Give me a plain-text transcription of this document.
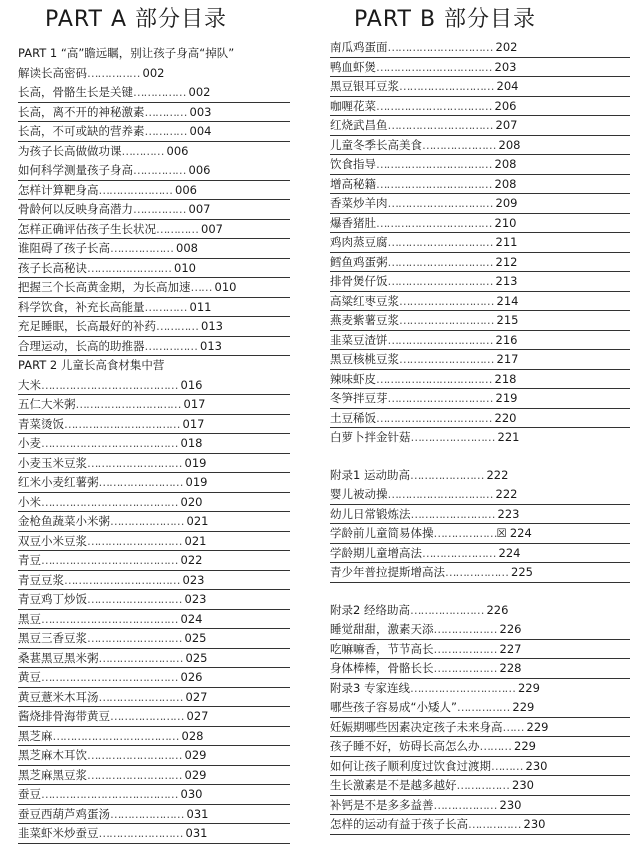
PART A 部分目录
PART 1 “高”瞻远瞩，别让孩子身高“掉队”
解读长高密码…………… 002
长高，骨骼生长是关键…………… 002
长高，离不开的神秘激素………… 003
长高，不可或缺的营养素………… 004
为孩子长高做做功课………… 006
如何科学测量孩子身高…………… 006
怎样计算靶身高………………… 006
骨龄何以反映身高潜力…………… 007
怎样正确评估孩子生长状况………… 007
谁阻碍了孩子长高……………… 008
孩子长高秘诀…………………… 010
把握三个长高黄金期，为长高加速…… 010
科学饮食，补充长高能量………… 011
充足睡眠，长高最好的补药………… 013
合理运动，长高的助推器…………… 013
PART 2 儿童长高食材集中营
大米………………………………… 016
五仁大米粥………………………… 017
青菜烫饭…………………………… 017
小麦………………………………… 018
小麦玉米豆浆……………………… 019
红米小麦红薯粥…………………… 019
小米………………………………… 020
金枪鱼蔬菜小米粥………………… 021
双豆小米豆浆……………………… 021
青豆………………………………… 022
青豆豆浆…………………………… 023
青豆鸡丁炒饭……………………… 023
黑豆………………………………… 024
黑豆三香豆浆……………………… 025
桑葚黑豆黑米粥…………………… 025
黄豆………………………………… 026
黄豆薏米木耳汤…………………… 027
酱烧排骨海带黄豆………………… 027
黑芝麻……………………………… 028
黑芝麻木耳饮……………………… 029
黑芝麻黑豆浆……………………… 029
蚕豆………………………………… 030
蚕豆西葫芦鸡蛋汤………………… 031
韭菜虾米炒蚕豆…………………… 031
PART B 部分目录
南瓜鸡蛋面………………………… 202
鸭血虾煲…………………………… 203
黑豆银耳豆浆……………………… 204
咖喱花菜…………………………… 206
红烧武昌鱼………………………… 207
儿童冬季长高美食………………… 208
饮食指导…………………………… 208
增高秘籍…………………………… 208
香菜炒羊肉………………………… 209
爆香猪肚…………………………… 210
鸡肉蒸豆腐………………………… 211
鳕鱼鸡蛋粥………………………… 212
排骨煲仔饭………………………… 213
高粱红枣豆浆……………………… 214
燕麦紫薯豆浆……………………… 215
韭菜豆渣饼………………………… 216
黑豆核桃豆浆……………………… 217
辣味虾皮…………………………… 218
冬笋拌豆芽………………………… 219
土豆稀饭…………………………… 220
白萝卜拌金针菇…………………… 221
附录1 运动助高………………… 222
婴儿被动操………………………… 222
幼儿日常锻炼法…………………… 223
学龄前儿童简易体操………………☒ 224
学龄期儿童增高法………………… 224
青少年普拉提斯增高法……………… 225
附录2 经络助高………………… 226
睡觉甜甜，激素天添……………… 226
吃嘛嘛香，节节高长……………… 227
身体棒棒，骨骼长长……………… 228
附录3 专家连线………………………… 229
哪些孩子容易成“小矮人”…………… 229
妊娠期哪些因素决定孩子未来身高…… 229
孩子睡不好，妨碍长高怎么办……… 229
如何让孩子顺利度过饮食过渡期……… 230
生长激素是不是越多越好…………… 230
补钙是不是多多益善……………… 230
怎样的运动有益于孩子长高…………… 230
